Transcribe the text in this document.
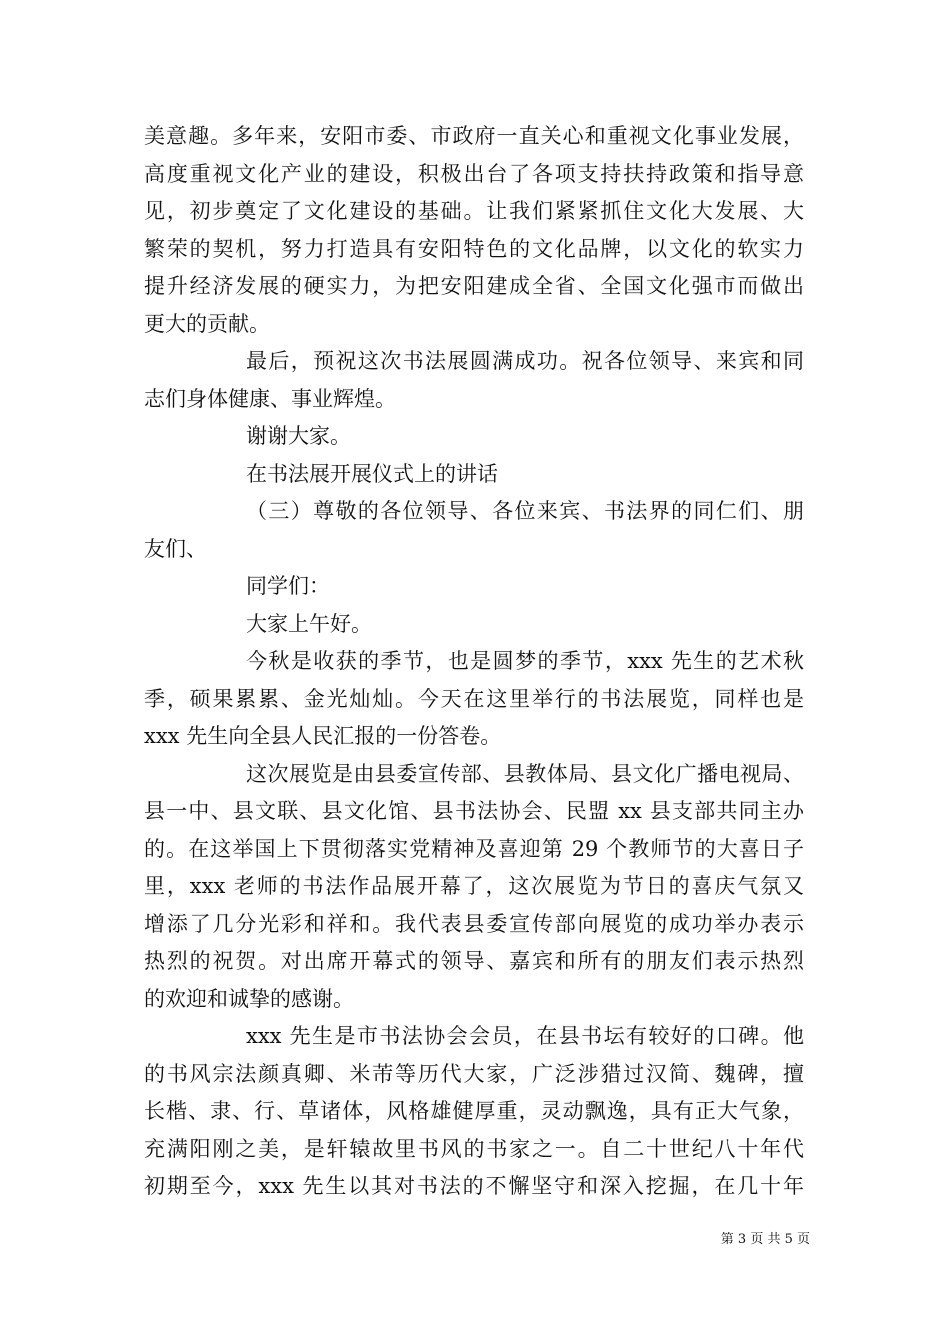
美意趣。多年来，安阳市委、市政府一直关心和重视文化事业发展，
高度重视文化产业的建设，积极出台了各项支持扶持政策和指导意
见，初步奠定了文化建设的基础。让我们紧紧抓住文化大发展、大
繁荣的契机，努力打造具有安阳特色的文化品牌，以文化的软实力
提升经济发展的硬实力，为把安阳建成全省、全国文化强市而做出
更大的贡献。
最后，预祝这次书法展圆满成功。祝各位领导、来宾和同
志们身体健康、事业辉煌。
谢谢大家。
在书法展开展仪式上的讲话
（三）尊敬的各位领导、各位来宾、书法界的同仁们、朋
友们、
同学们：
大家上午好。
今秋是收获的季节，也是圆梦的季节，xxx 先生的艺术秋
季，硕果累累、金光灿灿。今天在这里举行的书法展览，同样也是
xxx 先生向全县人民汇报的一份答卷。
这次展览是由县委宣传部、县教体局、县文化广播电视局、
县一中、县文联、县文化馆、县书法协会、民盟 xx 县支部共同主办
的。在这举国上下贯彻落实党精神及喜迎第 29 个教师节的大喜日子
里，xxx 老师的书法作品展开幕了，这次展览为节日的喜庆气氛又
增添了几分光彩和祥和。我代表县委宣传部向展览的成功举办表示
热烈的祝贺。对出席开幕式的领导、嘉宾和所有的朋友们表示热烈
的欢迎和诚挚的感谢。
xxx 先生是市书法协会会员，在县书坛有较好的口碑。他
的书风宗法颜真卿、米芾等历代大家，广泛涉猎过汉简、魏碑，擅
长楷、隶、行、草诸体，风格雄健厚重，灵动飘逸，具有正大气象，
充满阳刚之美，是轩辕故里书风的书家之一。自二十世纪八十年代
初期至今，xxx 先生以其对书法的不懈坚守和深入挖掘，在几十年
第 3 页 共 5 页
